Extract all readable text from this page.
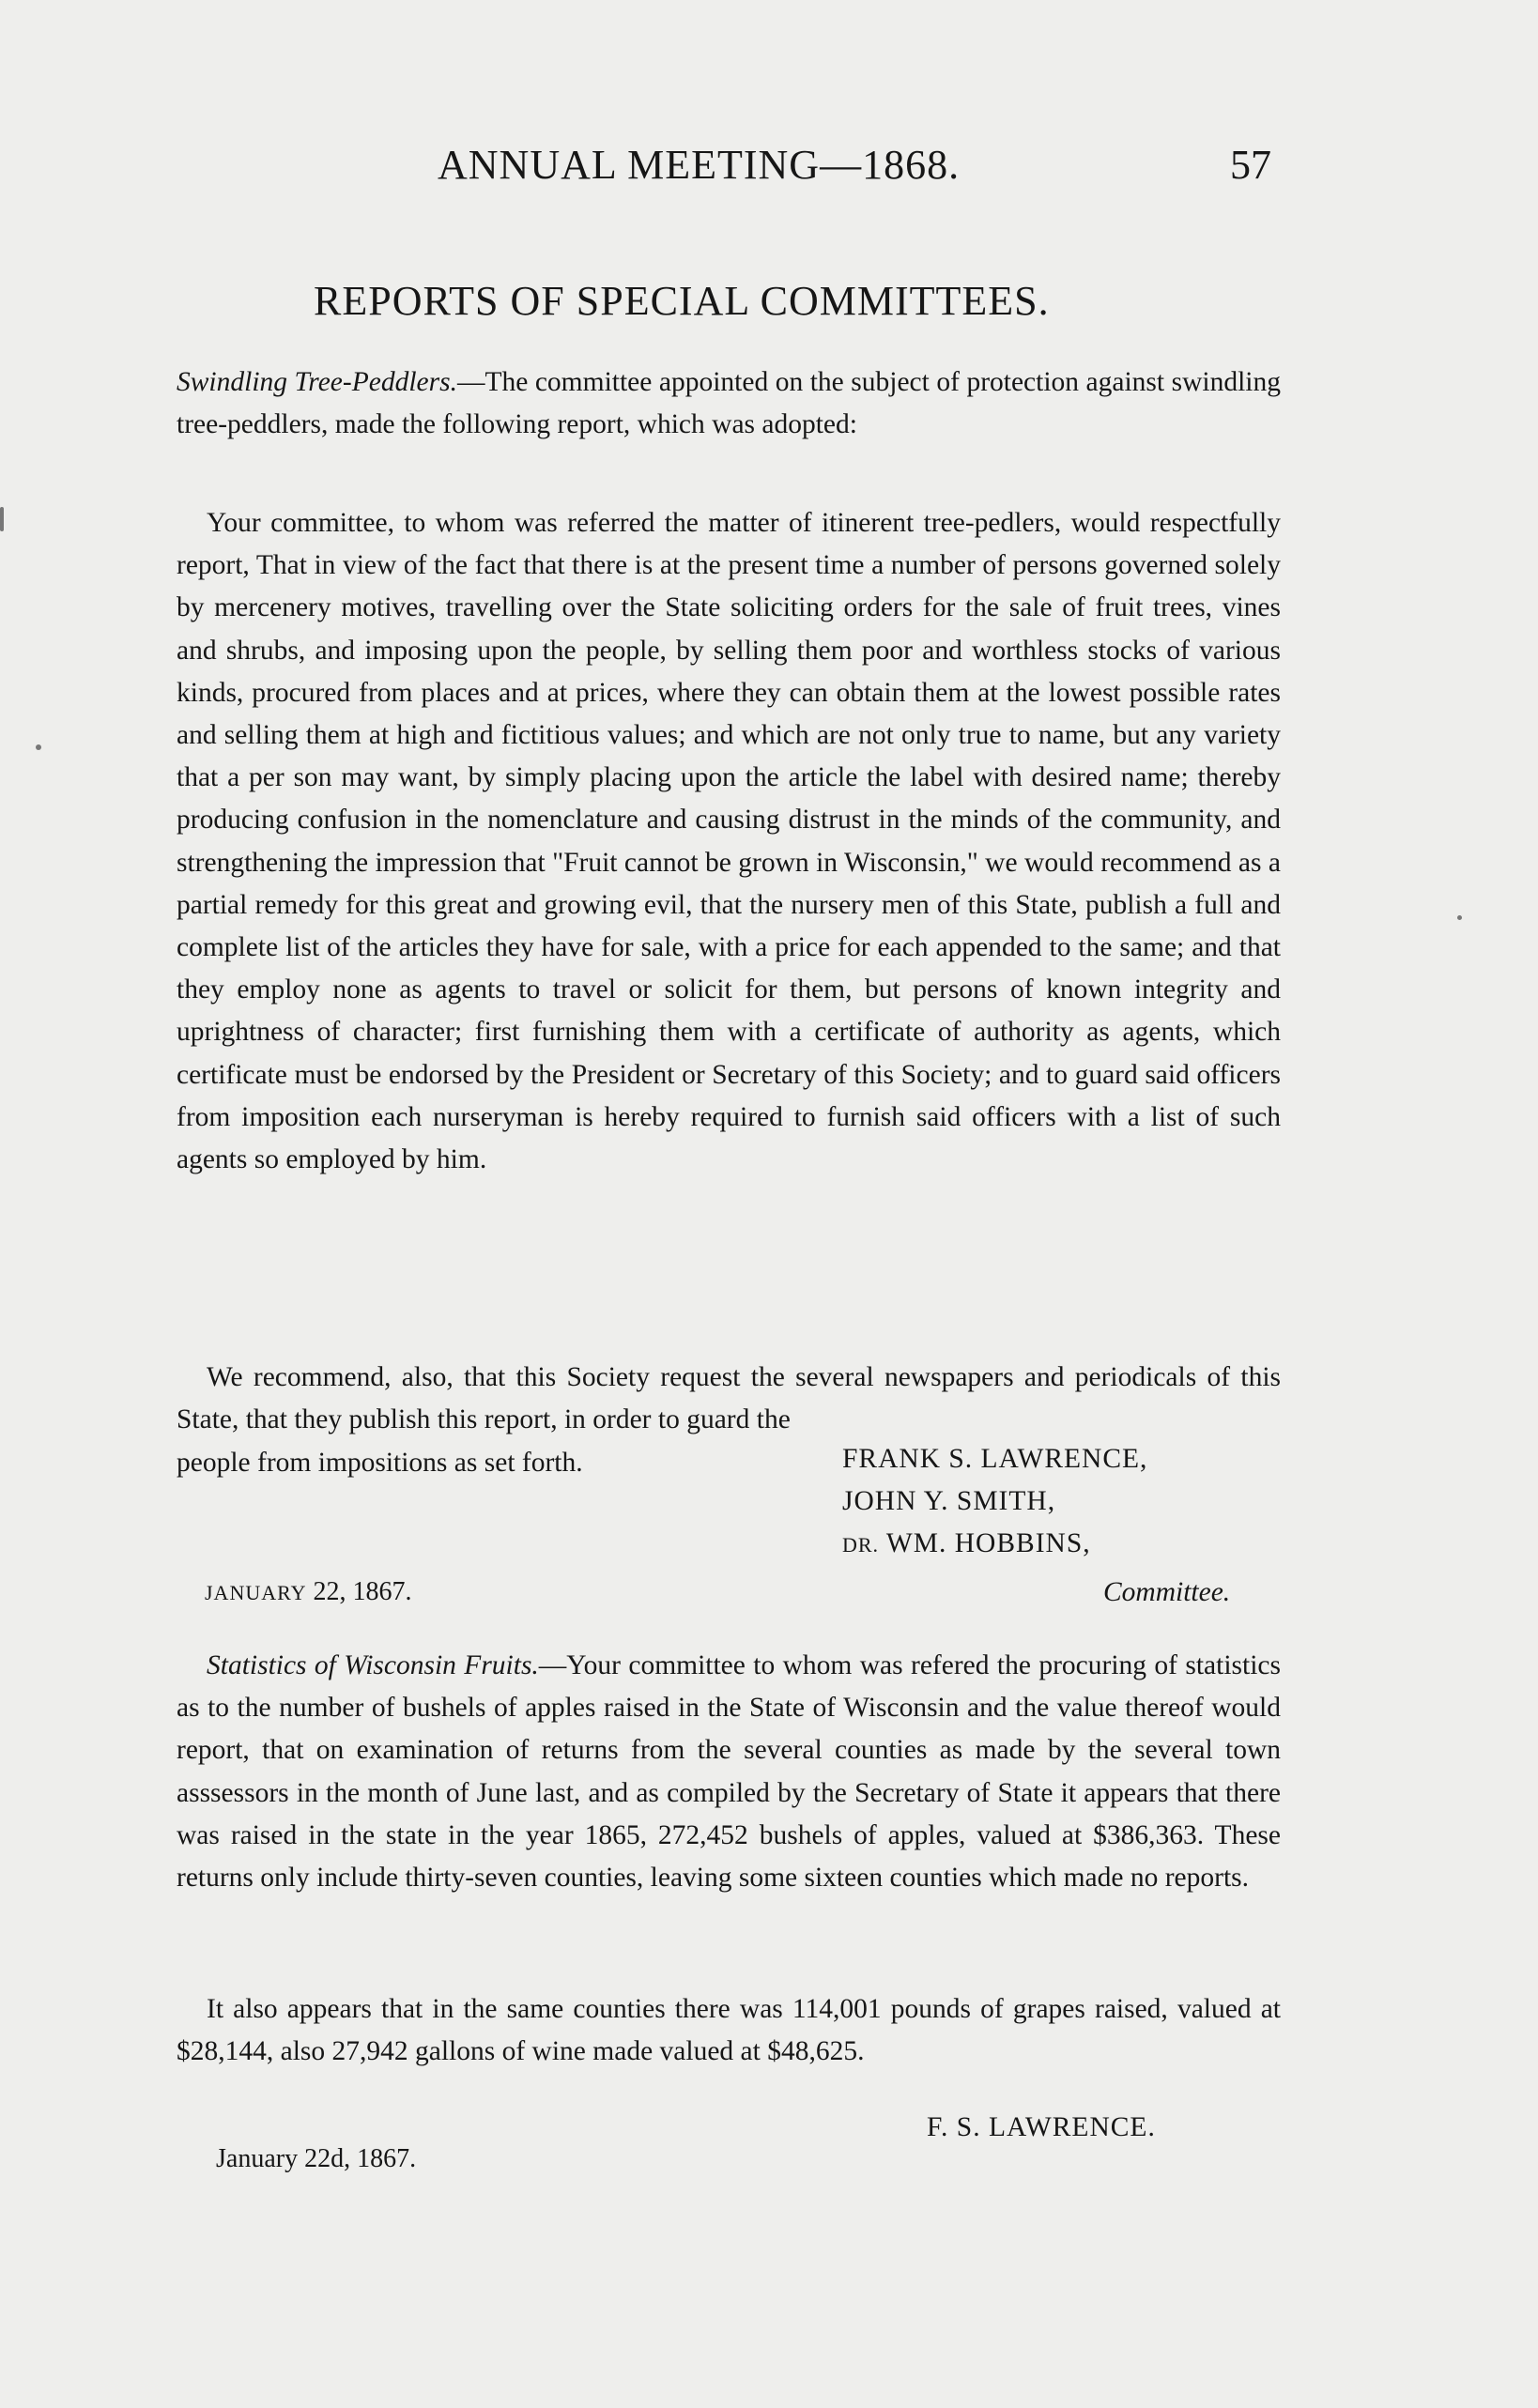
ANNUAL MEETING—1868.	57
REPORTS OF SPECIAL COMMITTEES.

Swindling Tree-Peddlers.—The committee appointed on the subject of protection against swindling tree-peddlers, made the following report, which was adopted:

Your committee, to whom was referred the matter of itinerent tree-pedlers, would respectfully report, That in view of the fact that there is at the present time a number of persons governed solely by mercenery motives, travelling over the State soliciting orders for the sale of fruit trees, vines and shrubs, and imposing upon the people, by selling them poor and worthless stocks of various kinds, procured from places and at prices, where they can obtain them at the lowest possible rates and selling them at high and fictitious values; and which are not only true to name, but any variety that a per son may want, by simply placing upon the article the label with desired name; thereby producing confusion in the nomenclature and causing distrust in the minds of the community, and strengthening the impression that "Fruit cannot be grown in Wisconsin," we would recommend as a partial remedy for this great and growing evil, that the nursery men of this State, publish a full and complete list of the articles they have for sale, with a price for each appended to the same; and that they employ none as agents to travel or solicit for them, but persons of known integrity and uprightness of character; first furnishing them with a certificate of authority as agents, which certificate must be endorsed by the President or Secretary of this Society; and to guard said officers from imposition each nurseryman is hereby required to furnish said officers with a list of such agents so employed by him.

We recommend, also, that this Society request the several newspapers and periodicals of this State, that they publish this report, in order to guard the

people from impositions as set forth.	FRANK S. LAWRENCE,
JOHN Y. SMITH,
DR. WM. HOBBINS,
JANUARY 22, 1867.	Committee.

Statistics of Wisconsin Fruits.—Your committee to whom was refered the procuring of statistics as to the number of bushels of apples raised in the State of Wisconsin and the value thereof would report, that on examination of returns from the several counties as made by the several town asssessors in the month of June last, and as compiled by the Secretary of State it appears that there was raised in the state in the year 1865, 272,452 bushels of apples, valued at $386,363. These returns only include thirty-seven counties, leaving some sixteen counties which made no reports.

It also appears that in the same counties there was 114,001 pounds of grapes raised, valued at $28,144, also 27,942 gallons of wine made valued at $48,625.

F. S. LAWRENCE.
January 22d, 1867.
